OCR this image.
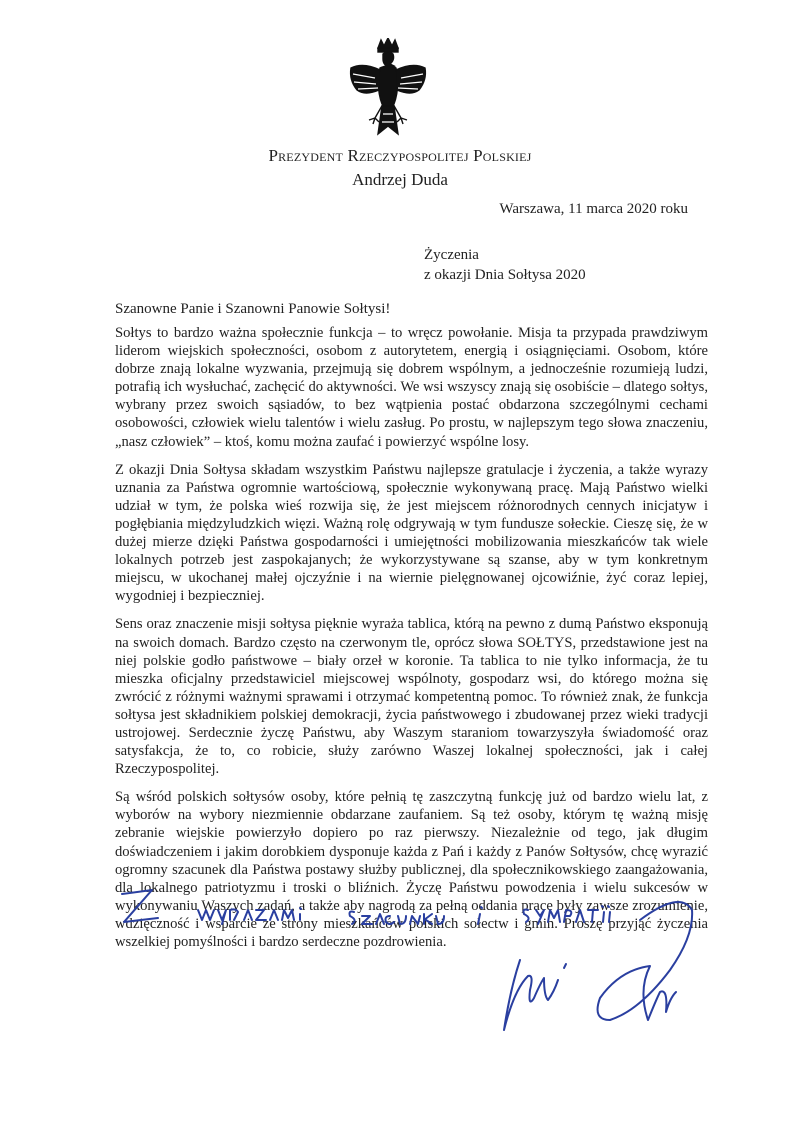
Prezydent Rzeczypospolitej Polskiej
Andrzej Duda
Warszawa, 11 marca 2020 roku
Życzenia
z okazji Dnia Sołtysa 2020
Szanowne Panie i Szanowni Panowie Sołtysi!

Sołtys to bardzo ważna społecznie funkcja – to wręcz powołanie. Misja ta przypada prawdziwym liderom wiejskich społeczności, osobom z autorytetem, energią i osiągnięciami. Osobom, które dobrze znają lokalne wyzwania, przejmują się dobrem wspólnym, a jednocześnie rozumieją ludzi, potrafią ich wysłuchać, zachęcić do aktywności. We wsi wszyscy znają się osobiście – dlatego sołtys, wybrany przez swoich sąsiadów, to bez wątpienia postać obdarzona szczególnymi cechami osobowości, człowiek wielu talentów i wielu zasług. Po prostu, w najlepszym tego słowa znaczeniu, „nasz człowiek” – ktoś, komu można zaufać i powierzyć wspólne losy.

Z okazji Dnia Sołtysa składam wszystkim Państwu najlepsze gratulacje i życzenia, a także wyrazy uznania za Państwa ogromnie wartościową, społecznie wykonywaną pracę. Mają Państwo wielki udział w tym, że polska wieś rozwija się, że jest miejscem różnorodnych cennych inicjatyw i pogłębiania międzyludzkich więzi. Ważną rolę odgrywają w tym fundusze sołeckie. Cieszę się, że w dużej mierze dzięki Państwa gospodarności i umiejętności mobilizowania mieszkańców tak wiele lokalnych potrzeb jest zaspokajanych; że wykorzystywane są szanse, aby w tym konkretnym miejscu, w ukochanej małej ojczyźnie i na wiernie pielęgnowanej ojcowiźnie, żyć coraz lepiej, wygodniej i bezpieczniej.

Sens oraz znaczenie misji sołtysa pięknie wyraża tablica, którą na pewno z dumą Państwo eksponują na swoich domach. Bardzo często na czerwonym tle, oprócz słowa SOŁTYS, przedstawione jest na niej polskie godło państwowe – biały orzeł w koronie. Ta tablica to nie tylko informacja, że tu mieszka oficjalny przedstawiciel miejscowej wspólnoty, gospodarz wsi, do którego można się zwrócić z różnymi ważnymi sprawami i otrzymać kompetentną pomoc. To również znak, że funkcja sołtysa jest składnikiem polskiej demokracji, życia państwowego i zbudowanej przez wieki tradycji ustrojowej. Serdecznie życzę Państwu, aby Waszym staraniom towarzyszyła świadomość oraz satysfakcja, że to, co robicie, służy zarówno Waszej lokalnej społeczności, jak i całej Rzeczypospolitej.

Są wśród polskich sołtysów osoby, które pełnią tę zaszczytną funkcję już od bardzo wielu lat, z wyborów na wybory niezmiennie obdarzane zaufaniem. Są też osoby, którym tę ważną misję zebranie wiejskie powierzyło dopiero po raz pierwszy. Niezależnie od tego, jak długim doświadczeniem i jakim dorobkiem dysponuje każda z Pań i każdy z Panów Sołtysów, chcę wyrazić ogromny szacunek dla Państwa postawy służby publicznej, dla społecznikowskiego zaangażowania, dla lokalnego patriotyzmu i troski o bliźnich. Życzę Państwu powodzenia i wielu sukcesów w wykonywaniu Waszych zadań, a także aby nagrodą za pełną oddania pracę były zawsze zrozumienie, wdzięczność i wsparcie ze strony mieszkańców polskich sołectw i gmin. Proszę przyjąć życzenia wszelkiej pomyślności i bardzo serdeczne pozdrowienia.
